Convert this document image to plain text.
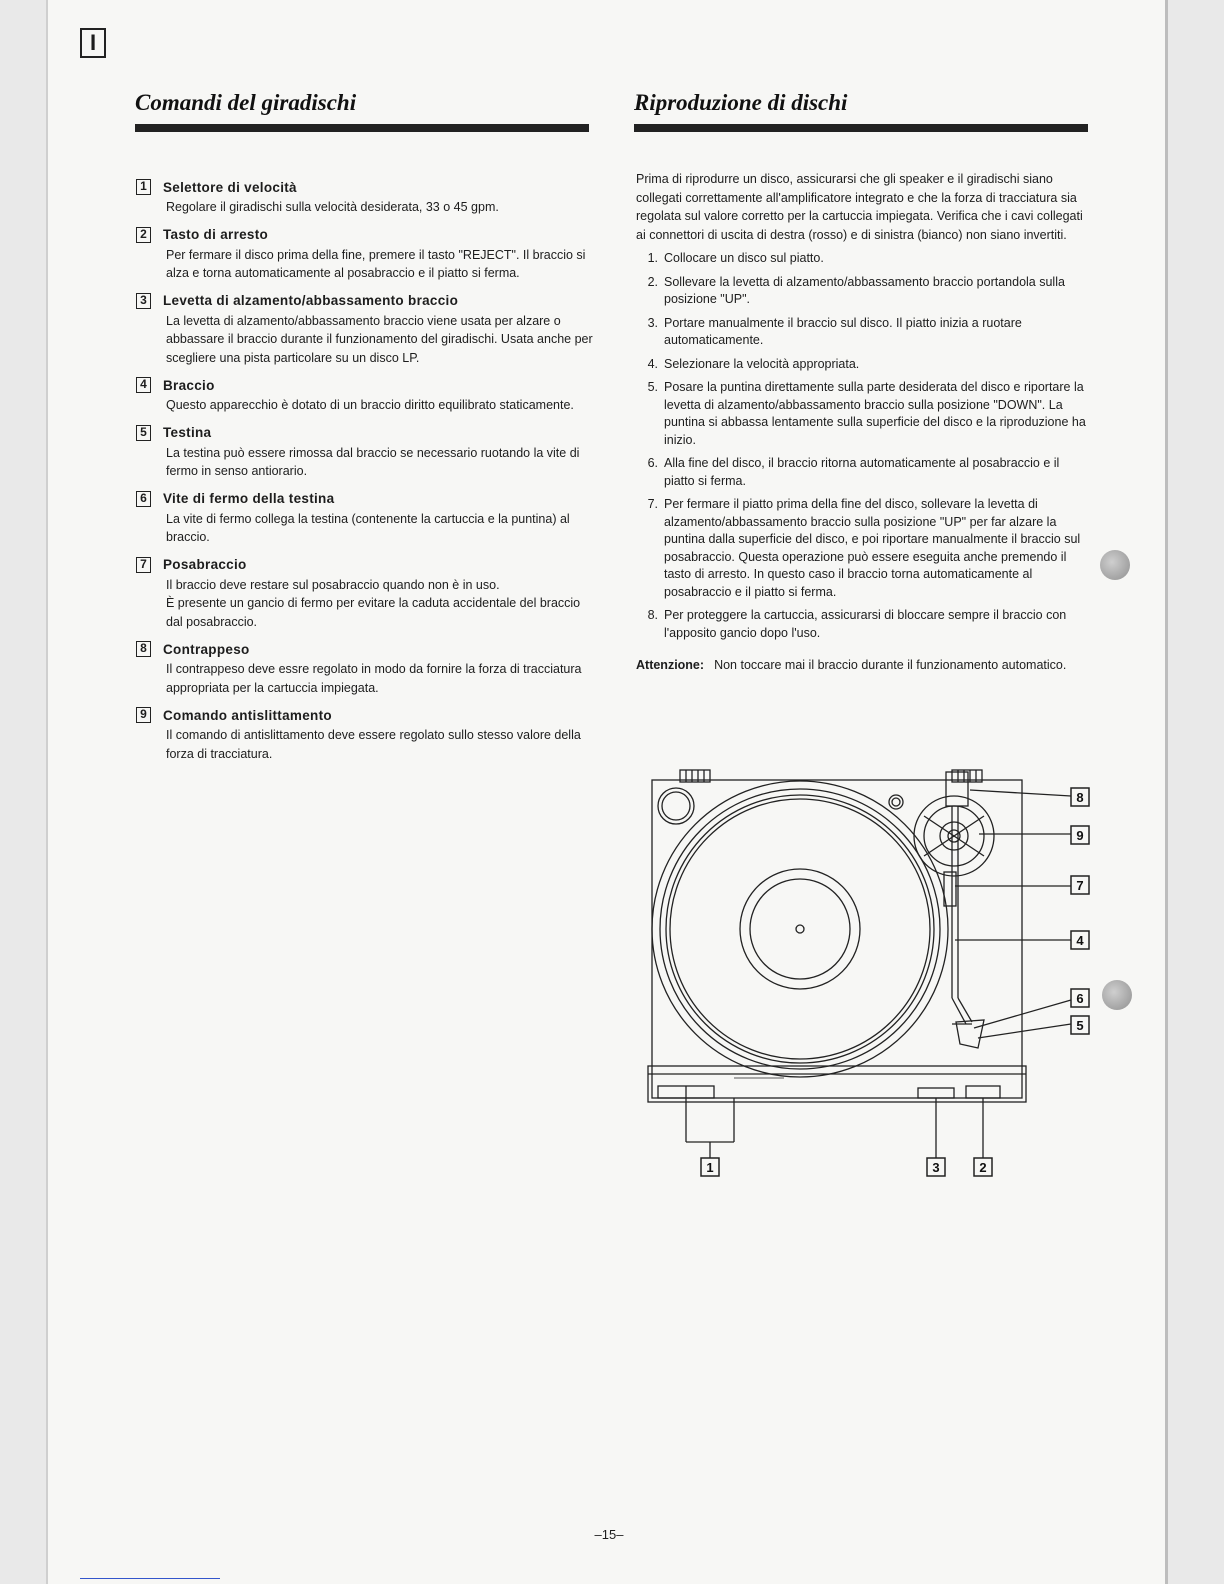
I
Comandi del giradischi	Riproduzione di dischi
1	Selettore di velocità

Regolare il giradischi sulla velocità desiderata, 33 o 45 gpm.

2	Tasto di arresto

Per fermare il disco prima della fine, premere il tasto "REJECT". Il braccio si alza e torna automaticamente al posabraccio e il piatto si ferma.

3	Levetta di alzamento/abbassamento braccio

La levetta di alzamento/abbassamento braccio viene usata per alzare o abbassare il braccio durante il funzionamento del giradischi. Usata anche per scegliere una pista particolare su un disco LP.

4	Braccio

Questo apparecchio è dotato di un braccio diritto equilibrato staticamente.

5	Testina

La testina può essere rimossa dal braccio se necessario ruotando la vite di fermo in senso antiorario.

6	Vite di fermo della testina

La vite di fermo collega la testina (contenente la cartuccia e la puntina) al braccio.

7	Posabraccio

Il braccio deve restare sul posabraccio quando non è in uso.

È presente un gancio di fermo per evitare la caduta accidentale del braccio dal posabraccio.

8	Contrappeso

Il contrappeso deve essre regolato in modo da fornire la forza di tracciatura appropriata per la cartuccia impiegata.

9	Comando antislittamento

Il comando di antislittamento deve essere regolato sullo stesso valore della forza di tracciatura.

Prima di riprodurre un disco, assicurarsi che gli speaker e il giradischi siano collegati correttamente all'amplificatore integrato e che la forza di tracciatura sia regolata sul valore corretto per la cartuccia impiegata. Verifica che i cavi collegati ai connettori di uscita di destra (rosso) e di sinistra (bianco) non siano invertiti.

1. Collocare un disco sul piatto.
2. Sollevare la levetta di alzamento/abbassamento braccio portandola sulla posizione "UP".
3. Portare manualmente il braccio sul disco. Il piatto inizia a ruotare automaticamente.
4. Selezionare la velocità appropriata.
5. Posare la puntina direttamente sulla parte desiderata del disco e riportare la levetta di alzamento/abbassamento braccio sulla posizione "DOWN". La puntina si abbassa lentamente sulla superficie del disco e la riproduzione ha inizio.
6. Alla fine del disco, il braccio ritorna automaticamente al posabraccio e il piatto si ferma.
7. Per fermare il piatto prima della fine del disco, sollevare la levetta di alzamento/abbassamento braccio sulla posizione "UP" per far alzare la puntina dalla superficie del disco, e poi riportare manualmente il braccio sul posabraccio. Questa operazione può essere eseguita anche premendo il tasto di arresto. In questo caso il braccio torna automaticamente al posabraccio e il piatto si ferma.
8. Per proteggere la cartuccia, assicurarsi di bloccare sempre il braccio con l'apposito gancio dopo l'uso.
Attenzione: Non toccare mai il braccio durante il funzionamento automatico.
8
9
7
4
6
5
1	3	2
–15–
